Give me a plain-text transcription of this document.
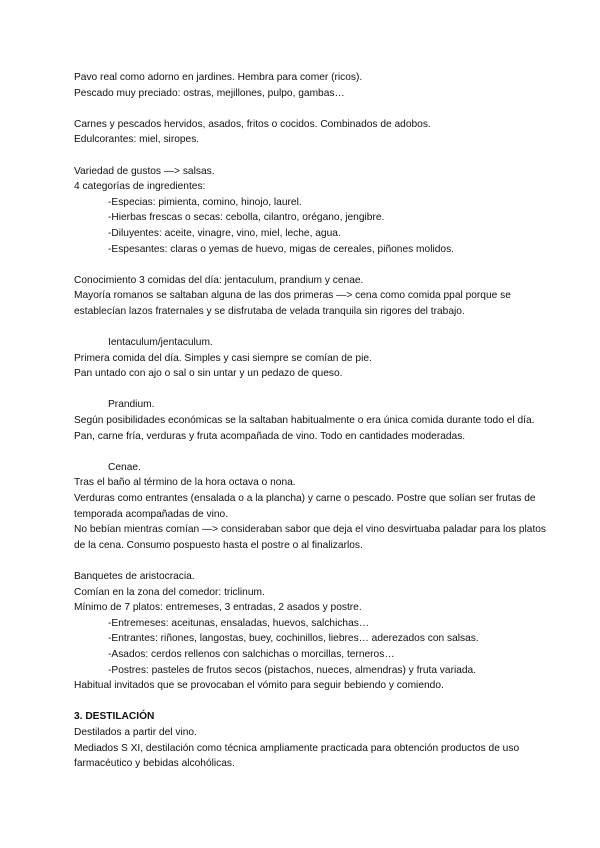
Pavo real como adorno en jardines. Hembra para comer (ricos).
Pescado muy preciado: ostras, mejillones, pulpo, gambas…
Carnes y pescados hervidos, asados, fritos o cocidos. Combinados de adobos.
Edulcorantes: miel, siropes.
Variedad de gustos —> salsas.
4 categorías de ingredientes:
-Especias: pimienta, comino, hinojo, laurel.
-Hierbas frescas o secas: cebolla, cilantro, orégano, jengibre.
-Diluyentes: aceite, vinagre, vino, miel, leche, agua.
-Espesantes: claras o yemas de huevo, migas de cereales, piñones molidos.
Conocimiento 3 comidas del día: jentaculum, prandium y cenae.
Mayoría romanos se saltaban alguna de las dos primeras —> cena como comida ppal porque se establecían lazos fraternales y se disfrutaba de velada tranquila sin rigores del trabajo.
Ientaculum/jentaculum.
Primera comida del día. Simples y casi siempre se comían de pie.
Pan untado con ajo o sal o sin untar y un pedazo de queso.
Prandium.
Según posibilidades económicas se la saltaban habitualmente o era única comida durante todo el día.
Pan, carne fría, verduras y fruta acompañada de vino. Todo en cantidades moderadas.
Cenae.
Tras el baño al término de la hora octava o nona.
Verduras como entrantes (ensalada o a la plancha) y carne o pescado. Postre que solían ser frutas de temporada acompañadas de vino.
No bebían mientras comían —> consideraban sabor que deja el vino desvirtuaba paladar para los platos de la cena. Consumo pospuesto hasta el postre o al finalizarlos.
Banquetes de aristocracia.
Comían en la zona del comedor: triclinum.
Mínimo de 7 platos: entremeses, 3 entradas, 2 asados y postre.
-Entremeses: aceitunas, ensaladas, huevos, salchichas…
-Entrantes: riñones, langostas, buey, cochinillos, liebres… aderezados con salsas.
-Asados: cerdos rellenos con salchichas o morcillas, terneros…
-Postres: pasteles de frutos secos (pistachos, nueces, almendras) y fruta variada.
Habitual invitados que se provocaban el vómito para seguir bebiendo y comiendo.
3. DESTILACIÓN
Destilados a partir del vino.
Mediados S XI, destilación como técnica ampliamente practicada para obtención productos de uso farmacéutico y bebidas alcohólicas.
